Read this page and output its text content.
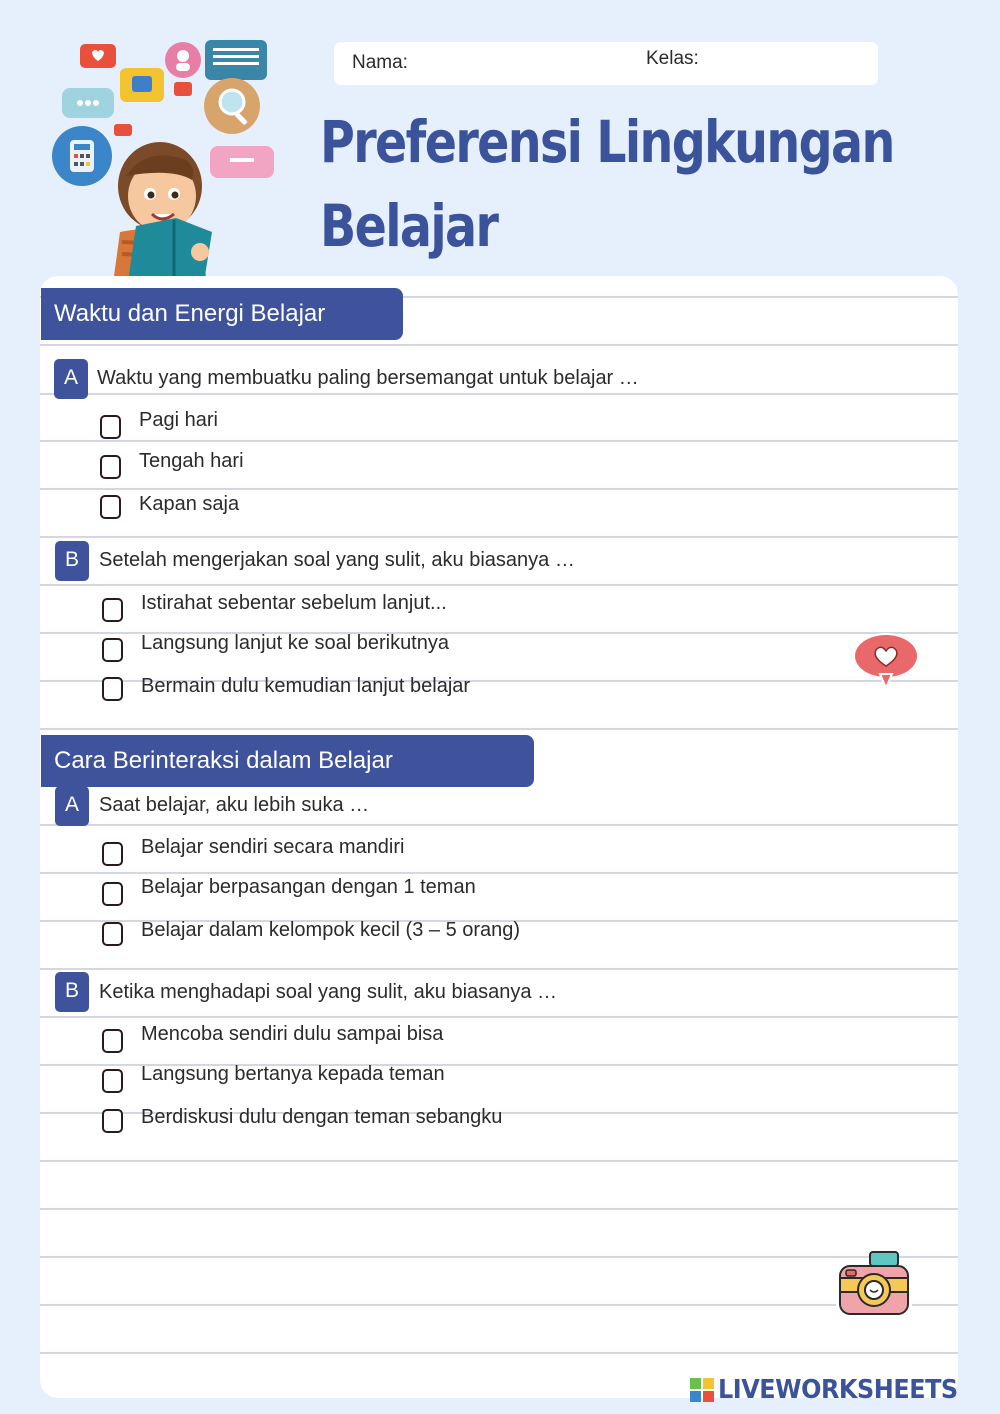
Nama:	Kelas:
Preferensi Lingkungan
Belajar
Waktu dan Energi Belajar
A Waktu yang membuatku paling bersemangat untuk belajar …
Pagi hari
Tengah hari
Kapan saja
B	Setelah mengerjakan soal yang sulit, aku biasanya …
Istirahat sebentar sebelum lanjut...
Langsung lanjut ke soal berikutnya
Bermain dulu kemudian lanjut belajar
Cara Berinteraksi dalam Belajar
A	Saat belajar, aku lebih suka …
Belajar sendiri secara mandiri
Belajar berpasangan dengan 1 teman
Belajar dalam kelompok kecil (3 – 5 orang)
B	Ketika menghadapi soal yang sulit, aku biasanya …
Mencoba sendiri dulu sampai bisa
Langsung bertanya kepada teman
Berdiskusi dulu dengan teman sebangku
LIVEWORKSHEETS
